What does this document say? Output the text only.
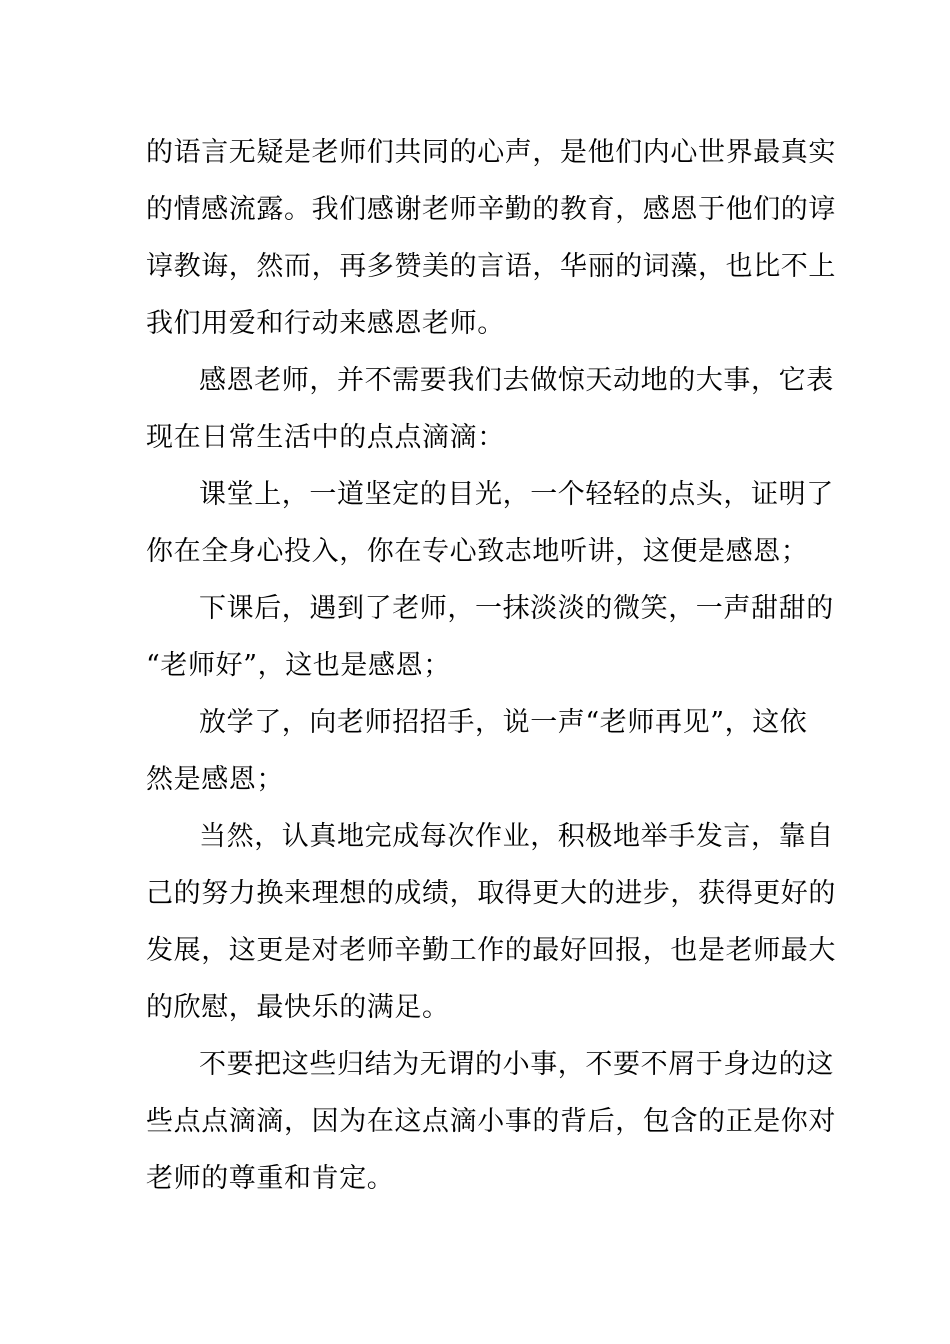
的语言无疑是老师们共同的心声，是他们内心世界最真实
的情感流露。我们感谢老师辛勤的教育，感恩于他们的谆
谆教诲，然而，再多赞美的言语，华丽的词藻，也比不上
我们用爱和行动来感恩老师。
感恩老师，并不需要我们去做惊天动地的大事，它表
现在日常生活中的点点滴滴：
课堂上，一道坚定的目光，一个轻轻的点头，证明了
你在全身心投入，你在专心致志地听讲，这便是感恩；
下课后，遇到了老师，一抹淡淡的微笑，一声甜甜的
“老师好”，这也是感恩；
放学了，向老师招招手，说一声“老师再见”，这依
然是感恩；
当然，认真地完成每次作业，积极地举手发言，靠自
己的努力换来理想的成绩，取得更大的进步，获得更好的
发展，这更是对老师辛勤工作的最好回报，也是老师最大
的欣慰，最快乐的满足。
不要把这些归结为无谓的小事，不要不屑于身边的这
些点点滴滴，因为在这点滴小事的背后，包含的正是你对
老师的尊重和肯定。
